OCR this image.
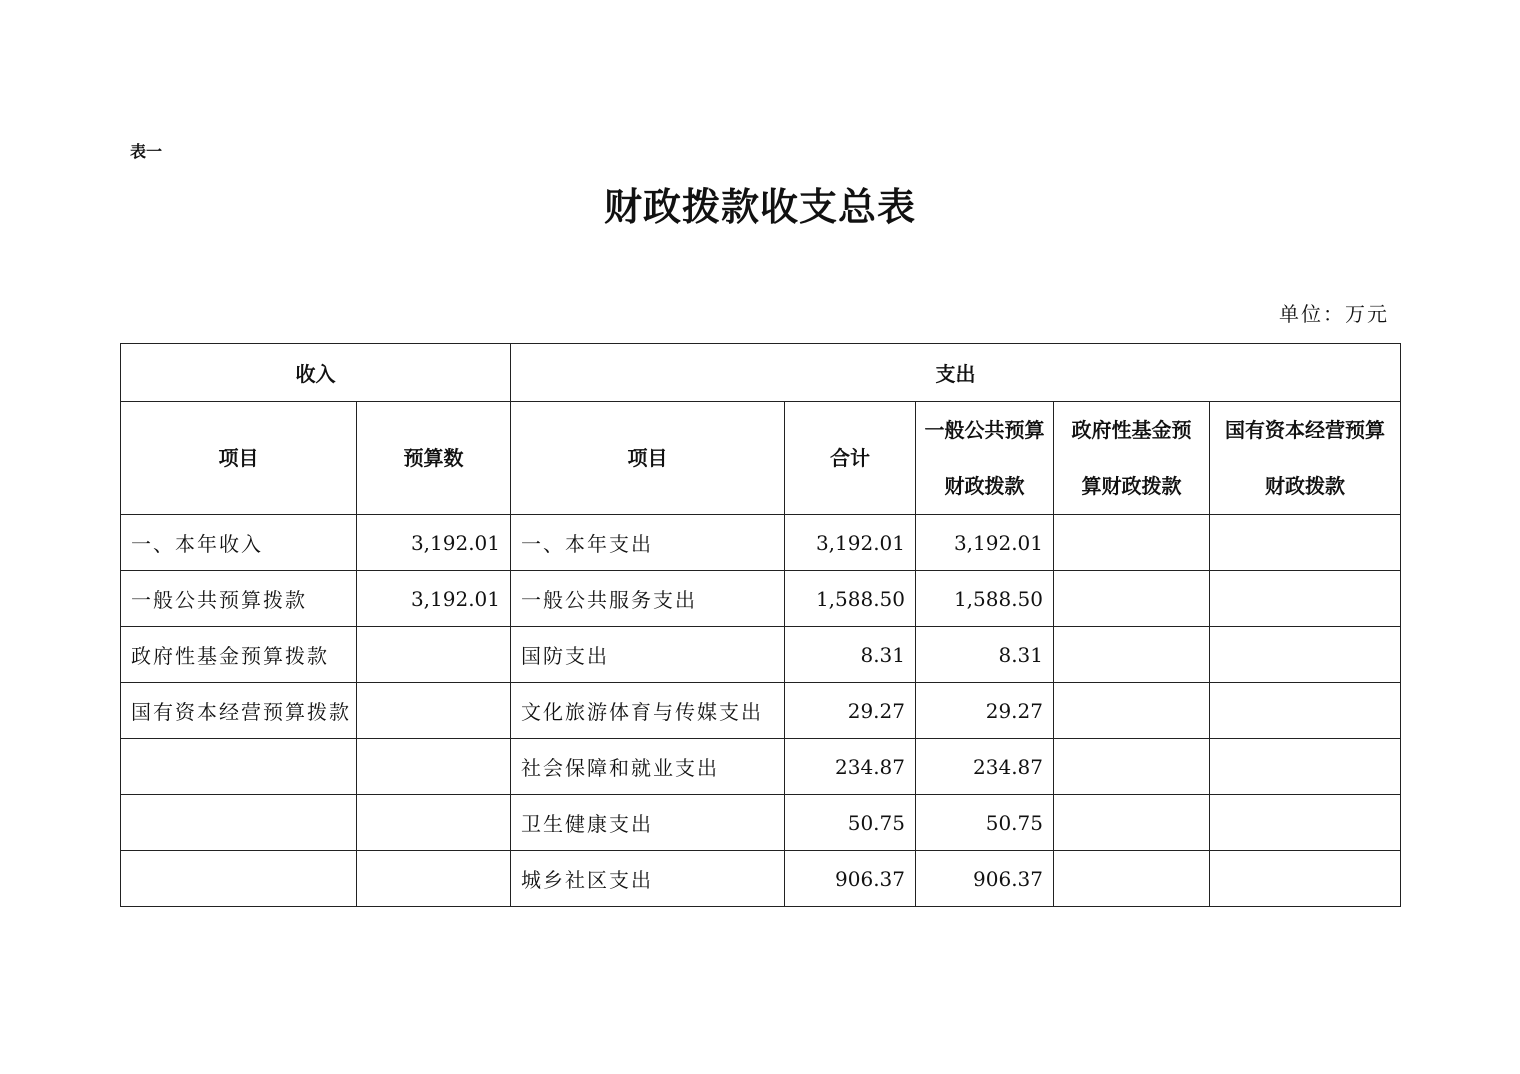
表一
财政拨款收支总表
单位：万元
收入		支出				
项目	预算数	项目	合计	一般公共预算财政拨款	政府性基金预算财政拨款	国有资本经营预算财政拨款
一、本年收入	3,192.01	一、本年支出	3,192.01	3,192.01		
一般公共预算拨款	3,192.01	一般公共服务支出	1,588.50	1,588.50		
政府性基金预算拨款		国防支出	8.31	8.31		
国有资本经营预算拨款		文化旅游体育与传媒支出	29.27	29.27		
		社会保障和就业支出	234.87	234.87		
		卫生健康支出	50.75	50.75		
		城乡社区支出	906.37	906.37		
